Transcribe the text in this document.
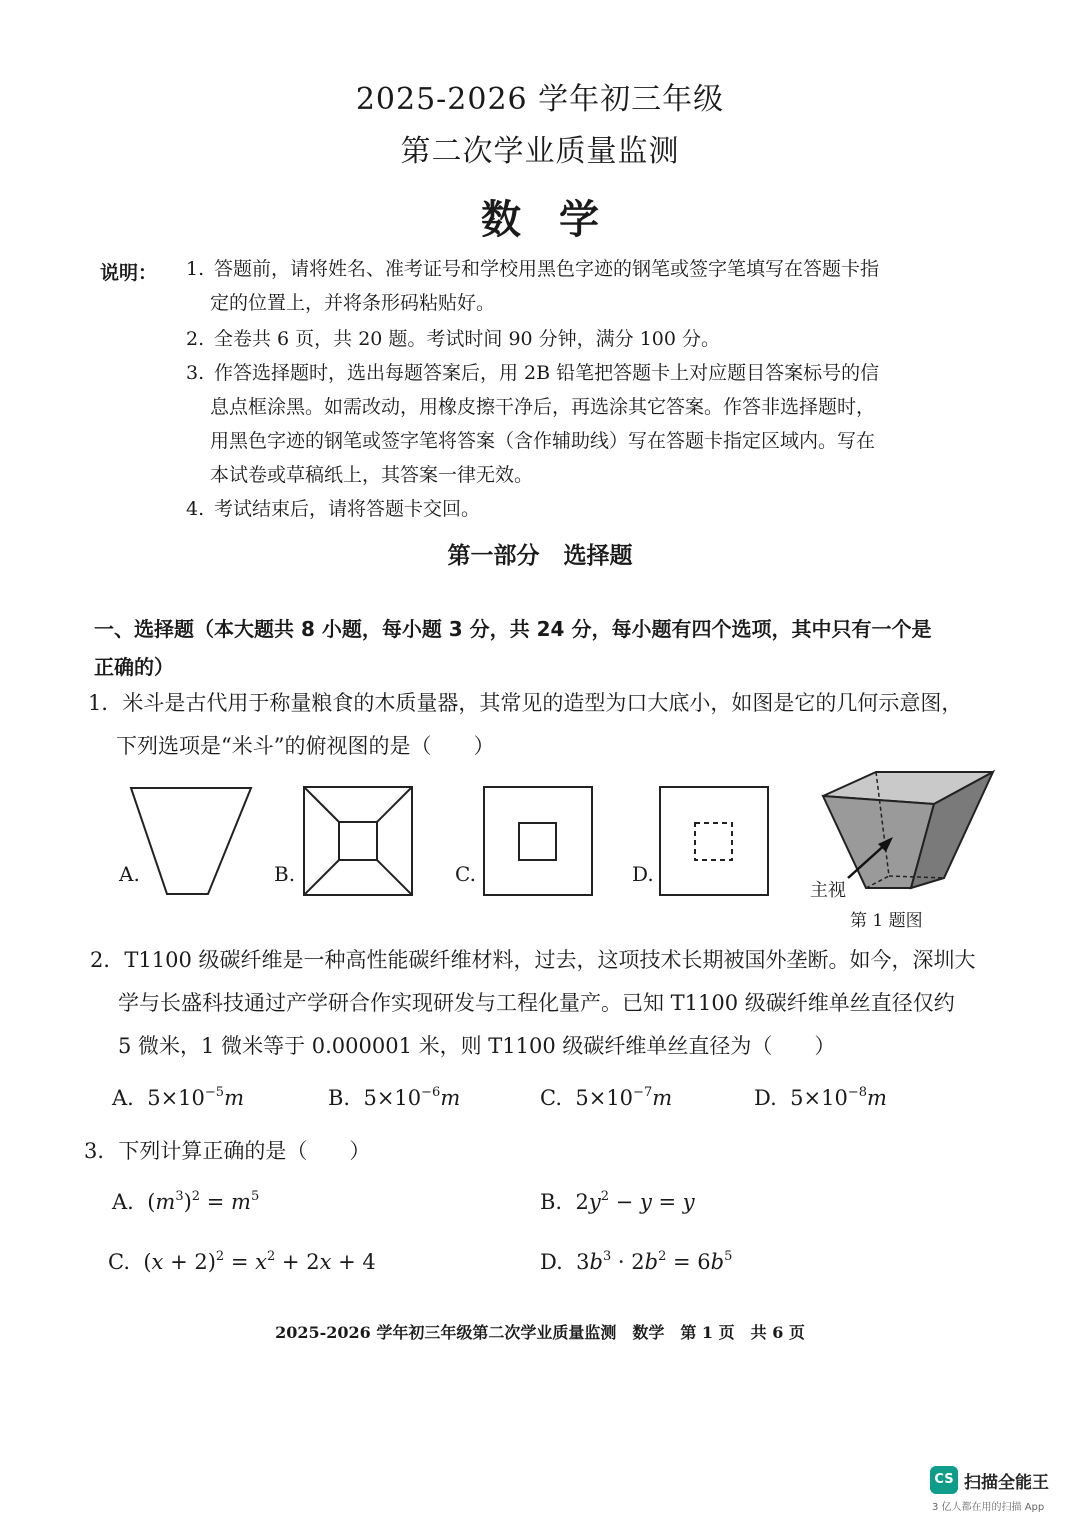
2025-2026 学年初三年级
第二次学业质量监测
数学
说明： 1. 答题前，请将姓名、准考证号和学校用黑色字迹的钢笔或签字笔填写在答题卡指
定的位置上，并将条形码粘贴好。
2. 全卷共 6 页，共 20 题。考试时间 90 分钟，满分 100 分。
3. 作答选择题时，选出每题答案后，用 2B 铅笔把答题卡上对应题目答案标号的信
息点框涂黑。如需改动，用橡皮擦干净后，再选涂其它答案。作答非选择题时，
用黑色字迹的钢笔或签字笔将答案（含作辅助线）写在答题卡指定区域内。写在
本试卷或草稿纸上，其答案一律无效。
4. 考试结束后，请将答题卡交回。
第一部分 选择题
一、选择题（本大题共 8 小题，每小题 3 分，共 24 分，每小题有四个选项，其中只有一个是
正确的）
1．米斗是古代用于称量粮食的木质量器，其常见的造型为口大底小，如图是它的几何示意图，
下列选项是“米斗”的俯视图的是（　　）
A.	B.	C.	D.
主视
第 1 题图
2．T1100 级碳纤维是一种高性能碳纤维材料，过去，这项技术长期被国外垄断。如今，深圳大
学与长盛科技通过产学研合作实现研发与工程化量产。已知 T1100 级碳纤维单丝直径仅约
5 微米，1 微米等于 0.000001 米，则 T1100 级碳纤维单丝直径为（　　）
A. $5\times 10^{-5}m$	B. $5\times 10^{-6}m$	C. $5\times 10^{-7}m$	D. $5\times 10^{-8}m$
3．下列计算正确的是（　　）
A.  $(m^3)^2 = m^5$	B.  $2y^2 - y = y$
C.  $(x + 2)^2 = x^2 + 2x + 4$	D.  $3b^3 \cdot 2b^2 = 6b^5$
2025-2026 学年初三年级第二次学业质量监测　数学　第 1 页　共 6 页
CS 扫描全能王
3 亿人都在用的扫描 App
